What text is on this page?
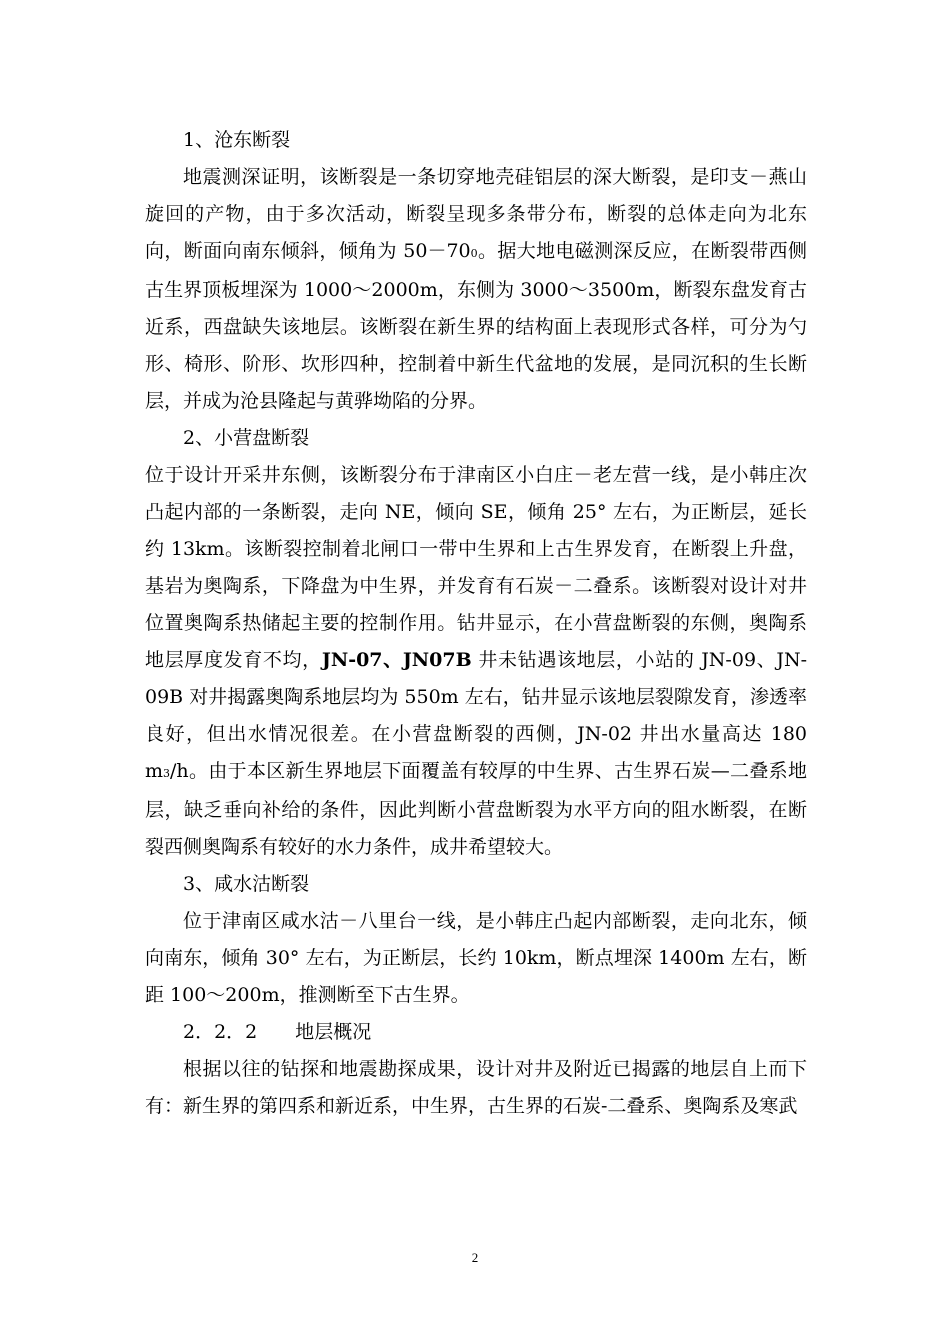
1、沧东断裂

地震测深证明，该断裂是一条切穿地壳硅铝层的深大断裂，是印支－燕山旋回的产物，由于多次活动，断裂呈现多条带分布，断裂的总体走向为北东向，断面向南东倾斜，倾角为 50－700。据大地电磁测深反应，在断裂带西侧古生界顶板埋深为 1000～2000m，东侧为 3000～3500m，断裂东盘发育古近系，西盘缺失该地层。该断裂在新生界的结构面上表现形式各样，可分为勺形、椅形、阶形、坎形四种，控制着中新生代盆地的发展，是同沉积的生长断层，并成为沧县隆起与黄骅坳陷的分界。

2、小营盘断裂

位于设计开采井东侧，该断裂分布于津南区小白庄－老左营一线，是小韩庄次凸起内部的一条断裂，走向 NE，倾向 SE，倾角 25° 左右，为正断层，延长约 13km。该断裂控制着北闸口一带中生界和上古生界发育，在断裂上升盘，基岩为奥陶系，下降盘为中生界，并发育有石炭－二叠系。该断裂对设计对井位置奥陶系热储起主要的控制作用。钻井显示，在小营盘断裂的东侧，奥陶系地层厚度发育不均，JN-07、JN07B 井未钻遇该地层，小站的 JN-09、JN-09B 对井揭露奥陶系地层均为 550m 左右，钻井显示该地层裂隙发育，渗透率良好，但出水情况很差。在小营盘断裂的西侧，JN-02 井出水量高达 180 m3/h。由于本区新生界地层下面覆盖有较厚的中生界、古生界石炭—二叠系地层，缺乏垂向补给的条件，因此判断小营盘断裂为水平方向的阻水断裂，在断裂西侧奥陶系有较好的水力条件，成井希望较大。

3、咸水沽断裂

位于津南区咸水沽－八里台一线，是小韩庄凸起内部断裂，走向北东，倾向南东，倾角 30° 左右，为正断层，长约 10km，断点埋深 1400m 左右，断距 100～200m，推测断至下古生界。

2．2．2　　地层概况

根据以往的钻探和地震勘探成果，设计对井及附近已揭露的地层自上而下有：新生界的第四系和新近系，中生界，古生界的石炭-二叠系、奥陶系及寒武

2
